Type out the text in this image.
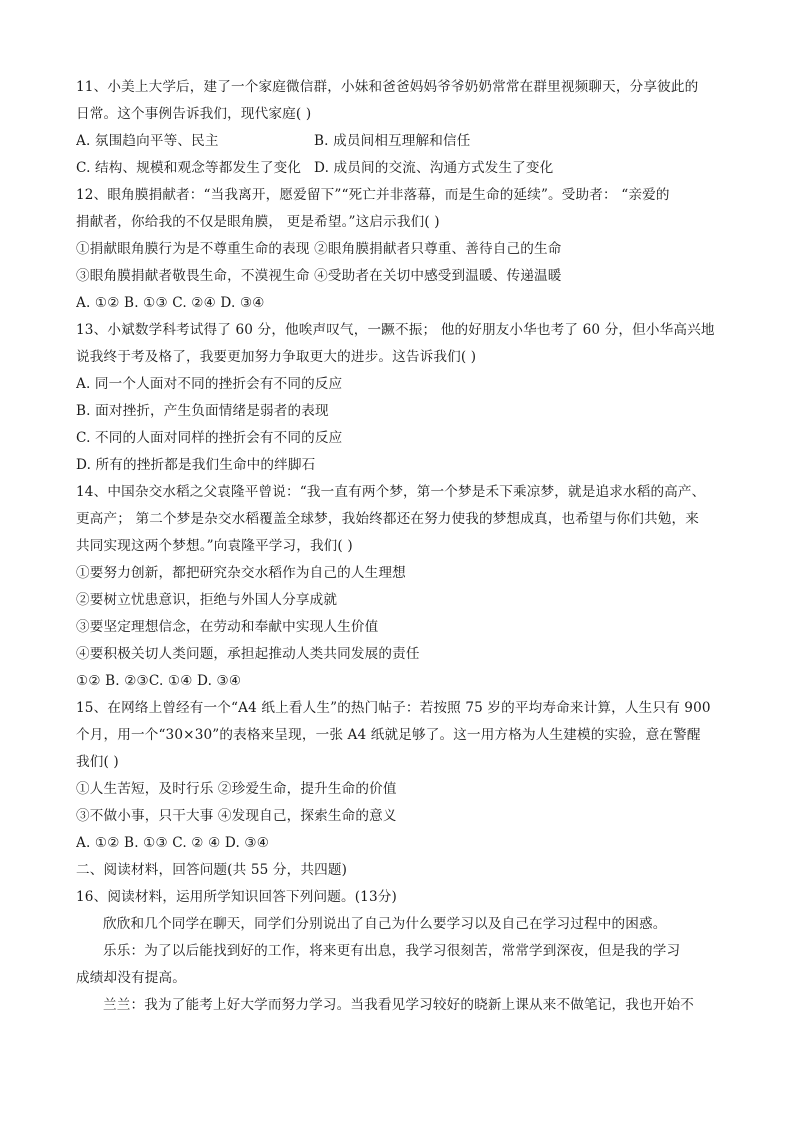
11、小美上大学后，建了一个家庭微信群，小妹和爸爸妈妈爷爷奶奶常常在群里视频聊天，分享彼此的
日常。这个事例告诉我们，现代家庭( )
A. 氛围趋向平等、民主	B. 成员间相互理解和信任
C. 结构、规模和观念等都发生了变化 D. 成员间的交流、沟通方式发生了变化
12、眼角膜捐献者：“当我离开，愿爱留下”“死亡并非落幕，而是生命的延续”。受助者： “亲爱的
捐献者，你给我的不仅是眼角膜， 更是希望。”这启示我们( )
①捐献眼角膜行为是不尊重生命的表现 ②眼角膜捐献者只尊重、善待自己的生命
③眼角膜捐献者敬畏生命，不漠视生命 ④受助者在关切中感受到温暖、传递温暖
A. ①② B. ①③ C. ②④ D. ③④
13、小斌数学科考试得了 60 分，他唉声叹气，一蹶不振； 他的好朋友小华也考了 60 分，但小华高兴地
说我终于考及格了，我要更加努力争取更大的进步。这告诉我们( )
A. 同一个人面对不同的挫折会有不同的反应
B. 面对挫折，产生负面情绪是弱者的表现
C. 不同的人面对同样的挫折会有不同的反应
D. 所有的挫折都是我们生命中的绊脚石
14、中国杂交水稻之父袁隆平曾说：“我一直有两个梦，第一个梦是禾下乘凉梦，就是追求水稻的高产、
更高产； 第二个梦是杂交水稻覆盖全球梦，我始终都还在努力使我的梦想成真，也希望与你们共勉，来
共同实现这两个梦想。”向袁隆平学习，我们( )
①要努力创新，都把研究杂交水稻作为自己的人生理想
②要树立忧患意识，拒绝与外国人分享成就
③要坚定理想信念，在劳动和奉献中实现人生价值
④要积极关切人类问题，承担起推动人类共同发展的责任
①② B. ②③C. ①④ D. ③④
15、在网络上曾经有一个“A4 纸上看人生”的热门帖子：若按照 75 岁的平均寿命来计算，人生只有 900
个月，用一个“30×30”的表格来呈现，一张 A4 纸就足够了。这一用方格为人生建模的实验，意在警醒
我们( )
①人生苦短，及时行乐 ②珍爱生命，提升生命的价值
③不做小事，只干大事 ④发现自己，探索生命的意义
A. ①② B. ①③ C. ② ④ D. ③④
二、阅读材料，回答问题(共 55 分，共四题)
16、阅读材料，运用所学知识回答下列问题。(13分)
欣欣和几个同学在聊天，同学们分别说出了自己为什么要学习以及自己在学习过程中的困惑。
乐乐：为了以后能找到好的工作，将来更有出息，我学习很刻苦，常常学到深夜，但是我的学习
成绩却没有提高。
兰兰：我为了能考上好大学而努力学习。当我看见学习较好的晓新上课从来不做笔记，我也开始不
